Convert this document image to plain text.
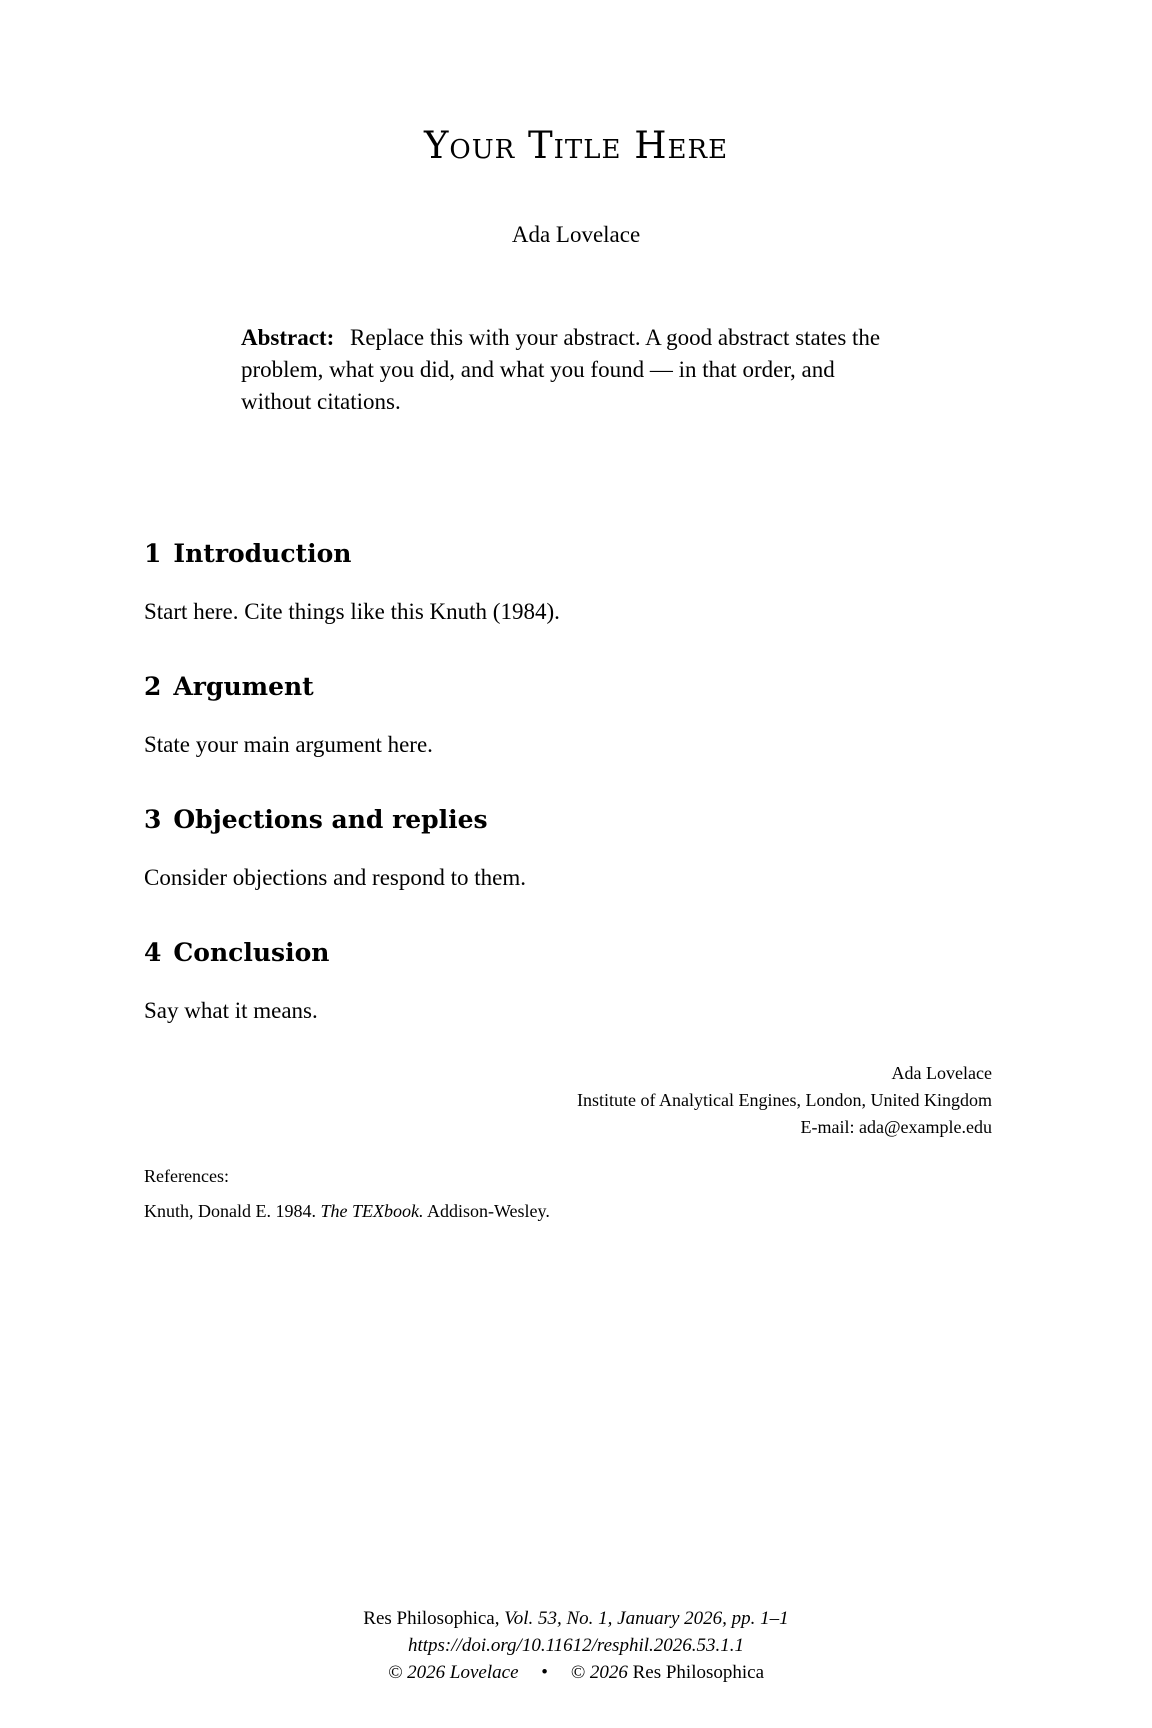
Your Title Here
Ada Lovelace
Abstract: Replace this with your abstract. A good abstract states the problem, what you did, and what you found — in that order, and without citations.
1 Introduction
Start here. Cite things like this Knuth (1984).
2 Argument
State your main argument here.
3 Objections and replies
Consider objections and respond to them.
4 Conclusion
Say what it means.
Ada Lovelace
Institute of Analytical Engines, London, United Kingdom
E-mail: ada@example.edu
References:
Knuth, Donald E. 1984. The TEXbook. Addison-Wesley.
Res Philosophica, Vol. 53, No. 1, January 2026, pp. 1–1
https://doi.org/10.11612/resphil.2026.53.1.1
© 2026 Lovelace • © 2026 Res Philosophica
